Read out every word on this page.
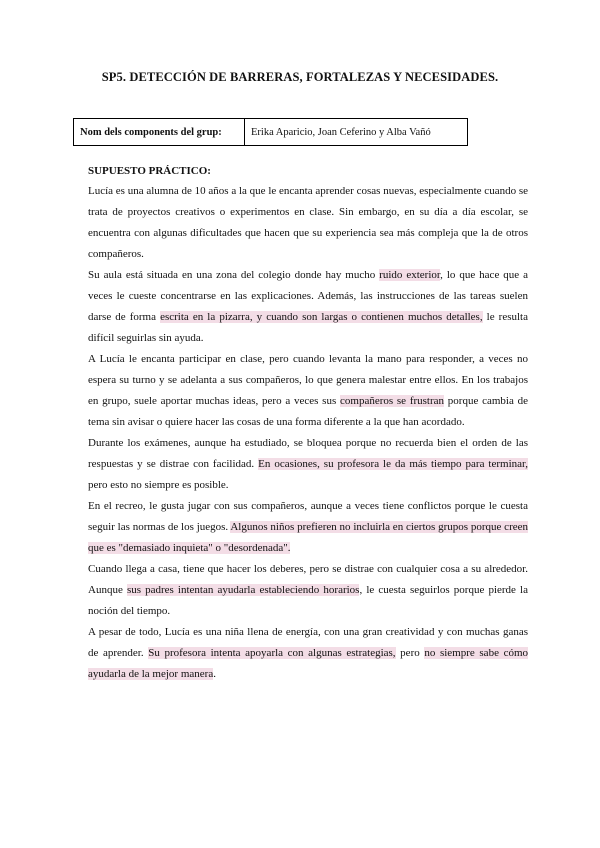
SP5. DETECCIÓN DE BARRERAS, FORTALEZAS Y NECESIDADES.
Nom dels components del grup:	Erika Aparicio, Joan Ceferino y Alba Vañó
SUPUESTO PRÁCTICO:

Lucía es una alumna de 10 años a la que le encanta aprender cosas nuevas, especialmente cuando se trata de proyectos creativos o experimentos en clase. Sin embargo, en su día a día escolar, se encuentra con algunas dificultades que hacen que su experiencia sea más compleja que la de otros compañeros.

Su aula está situada en una zona del colegio donde hay mucho ruido exterior, lo que hace que a veces le cueste concentrarse en las explicaciones. Además, las instrucciones de las tareas suelen darse de forma escrita en la pizarra, y cuando son largas o contienen muchos detalles, le resulta difícil seguirlas sin ayuda.

A Lucía le encanta participar en clase, pero cuando levanta la mano para responder, a veces no espera su turno y se adelanta a sus compañeros, lo que genera malestar entre ellos. En los trabajos en grupo, suele aportar muchas ideas, pero a veces sus compañeros se frustran porque cambia de tema sin avisar o quiere hacer las cosas de una forma diferente a la que han acordado.

Durante los exámenes, aunque ha estudiado, se bloquea porque no recuerda bien el orden de las respuestas y se distrae con facilidad. En ocasiones, su profesora le da más tiempo para terminar, pero esto no siempre es posible.

En el recreo, le gusta jugar con sus compañeros, aunque a veces tiene conflictos porque le cuesta seguir las normas de los juegos. Algunos niños prefieren no incluirla en ciertos grupos porque creen que es "demasiado inquieta" o "desordenada".

Cuando llega a casa, tiene que hacer los deberes, pero se distrae con cualquier cosa a su alrededor. Aunque sus padres intentan ayudarla estableciendo horarios, le cuesta seguirlos porque pierde la noción del tiempo.

A pesar de todo, Lucía es una niña llena de energía, con una gran creatividad y con muchas ganas de aprender. Su profesora intenta apoyarla con algunas estrategias, pero no siempre sabe cómo ayudarla de la mejor manera.
